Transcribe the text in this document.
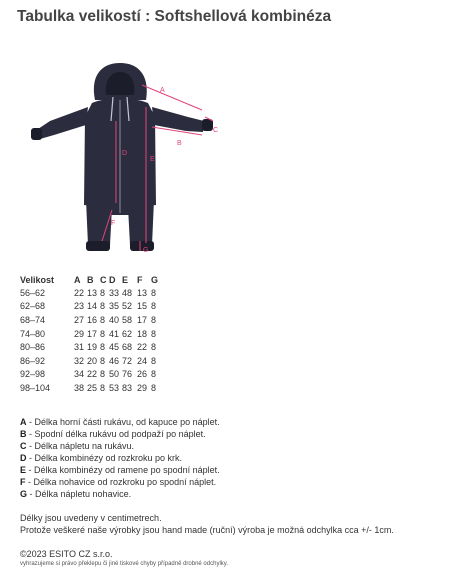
Tabulka velikostí : Softshellová kombinéza
A
B
C
D
E
F
G
Velikost	A	B	C	D	E	F	G
56–62	22	13	8	33	48	13	8
62–68	23	14	8	35	52	15	8
68–74	27	16	8	40	58	17	8
74–80	29	17	8	41	62	18	8
80–86	31	19	8	45	68	22	8
86–92	32	20	8	46	72	24	8
92–98	34	22	8	50	76	26	8
98–104	38	25	8	53	83	29	8
A - Délka horní části rukávu, od kapuce po náplet.
B - Spodní délka rukávu od podpaží po náplet.
C - Délka nápletu na rukávu.
D - Délka kombinézy od rozkroku po krk.
E - Délka kombinézy od ramene po spodní náplet.
F - Délka nohavice od rozkroku po spodní náplet.
G - Délka nápletu nohavice.
Délky jsou uvedeny v centimetrech.
Protože veškeré naše výrobky jsou hand made (ruční) výroba je možná odchylka cca +/- 1cm.
©2023 ESITO CZ s.r.o.
vyhrazujeme si právo překlepu či jiné tiskové chyby případně drobné odchylky.
